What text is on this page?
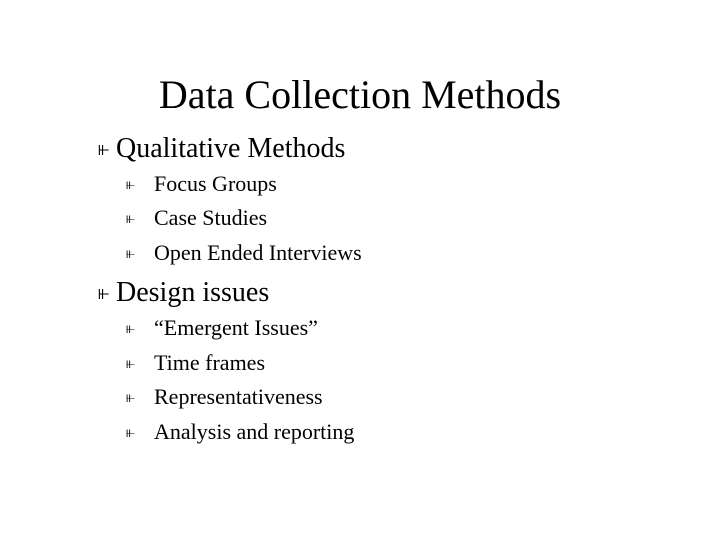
Data Collection Methods
⫦ Qualitative Methods
⫦ Focus Groups
⫦ Case Studies
⫦ Open Ended Interviews
⫦ Design issues
⫦ “Emergent Issues”
⫦ Time frames
⫦ Representativeness
⫦ Analysis and reporting
